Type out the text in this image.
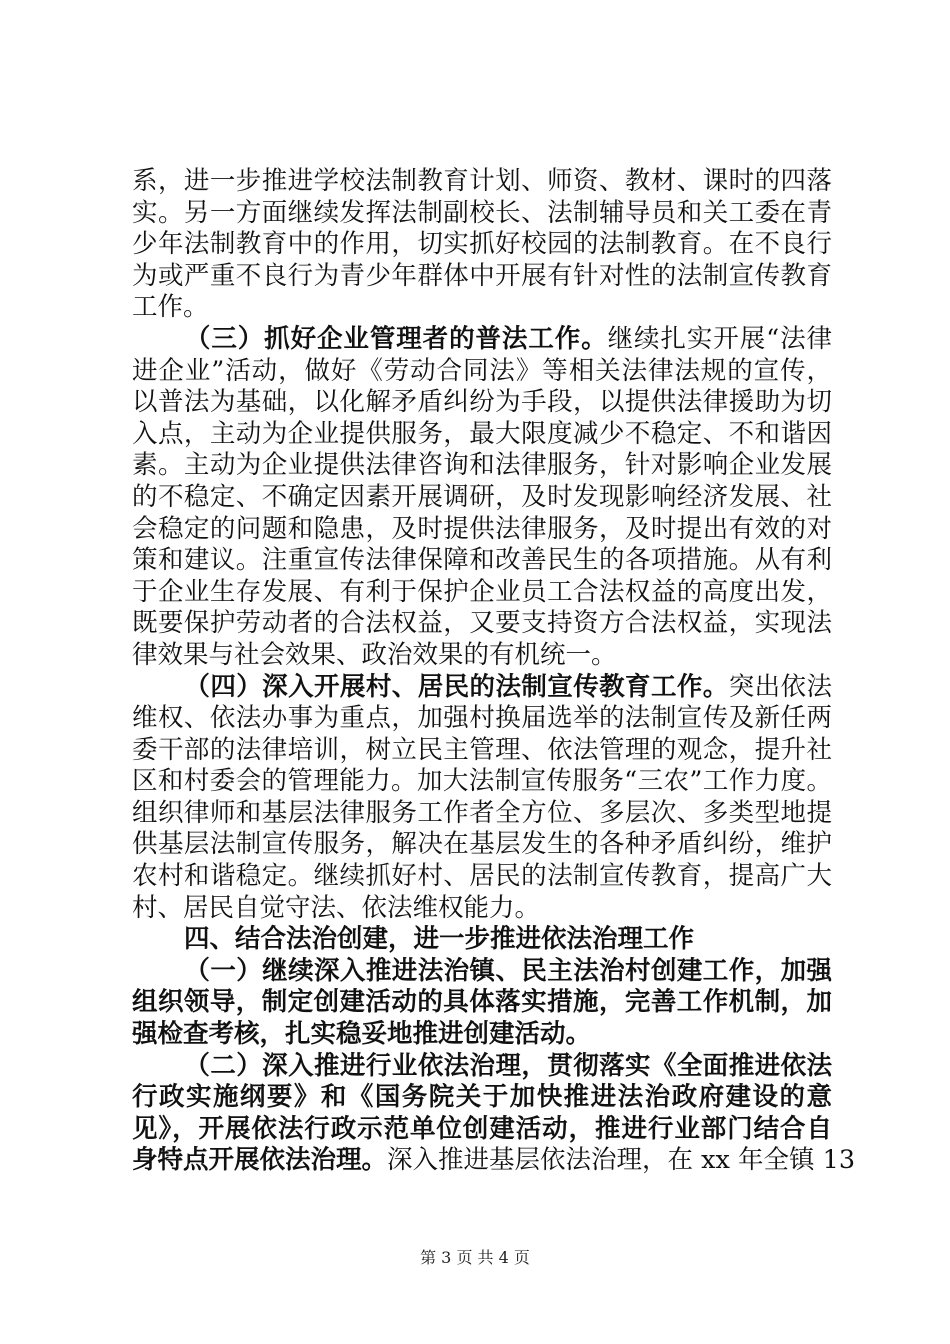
系，进一步推进学校法制教育计划、师资、教材、课时的四落
实。另一方面继续发挥法制副校长、法制辅导员和关工委在青
少年法制教育中的作用，切实抓好校园的法制教育。在不良行
为或严重不良行为青少年群体中开展有针对性的法制宣传教育
工作。
（三）抓好企业管理者的普法工作。继续扎实开展“法律
进企业”活动，做好《劳动合同法》等相关法律法规的宣传，
以普法为基础，以化解矛盾纠纷为手段，以提供法律援助为切
入点，主动为企业提供服务，最大限度减少不稳定、不和谐因
素。主动为企业提供法律咨询和法律服务，针对影响企业发展
的不稳定、不确定因素开展调研，及时发现影响经济发展、社
会稳定的问题和隐患，及时提供法律服务，及时提出有效的对
策和建议。注重宣传法律保障和改善民生的各项措施。从有利
于企业生存发展、有利于保护企业员工合法权益的高度出发，
既要保护劳动者的合法权益，又要支持资方合法权益，实现法
律效果与社会效果、政治效果的有机统一。
（四）深入开展村、居民的法制宣传教育工作。突出依法
维权、依法办事为重点，加强村换届选举的法制宣传及新任两
委干部的法律培训，树立民主管理、依法管理的观念，提升社
区和村委会的管理能力。加大法制宣传服务“三农”工作力度。
组织律师和基层法律服务工作者全方位、多层次、多类型地提
供基层法制宣传服务，解决在基层发生的各种矛盾纠纷，维护
农村和谐稳定。继续抓好村、居民的法制宣传教育，提高广大
村、居民自觉守法、依法维权能力。
四、结合法治创建，进一步推进依法治理工作
（一）继续深入推进法治镇、民主法治村创建工作，加强
组织领导，制定创建活动的具体落实措施，完善工作机制，加
强检查考核，扎实稳妥地推进创建活动。
（二）深入推进行业依法治理，贯彻落实《全面推进依法
行政实施纲要》和《国务院关于加快推进法治政府建设的意
见》，开展依法行政示范单位创建活动，推进行业部门结合自
身特点开展依法治理。深入推进基层依法治理，在 xx 年全镇 13
第 3 页 共 4 页
